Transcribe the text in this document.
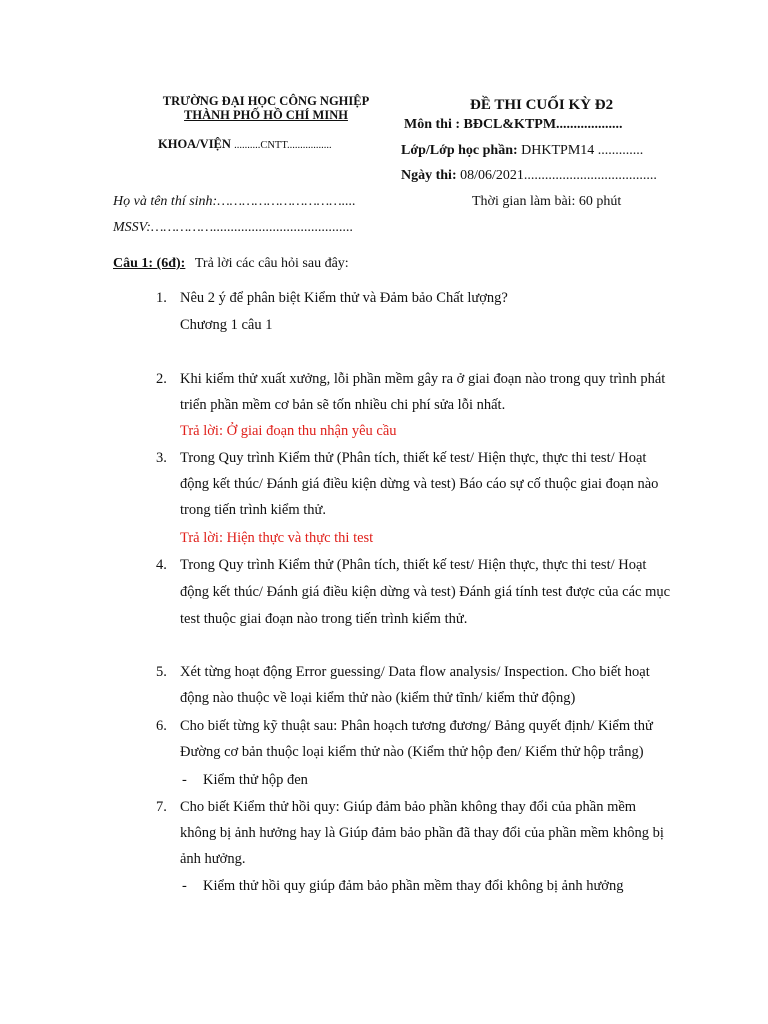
TRƯỜNG ĐẠI HỌC CÔNG NGHIỆP
THÀNH PHỐ HỒ CHÍ MINH
KHOA/VIỆN ..........CNTT.................
ĐỀ THI CUỐI KỲ Đ2
Môn thi : BĐCL&KTPM...................
Lớp/Lớp học phần: DHKTPM14 .............
Ngày thi: 08/06/2021......................................
Thời gian làm bài: 60 phút
Họ và tên thí sinh:…………………………....
MSSV:……………........................................
Câu 1: (6đ): Trả lời các câu hỏi sau đây:
1. Nêu 2 ý để phân biệt Kiểm thử và Đảm bảo Chất lượng?
Chương 1 câu 1
2. Khi kiểm thử xuất xưởng, lỗi phần mềm gây ra ở giai đoạn nào trong quy trình phát
triển phần mềm cơ bản sẽ tốn nhiều chi phí sửa lỗi nhất.
Trả lời: Ở giai đoạn thu nhận yêu cầu
3. Trong Quy trình Kiểm thử (Phân tích, thiết kế test/ Hiện thực, thực thi test/ Hoạt
động kết thúc/ Đánh giá điều kiện dừng và test) Báo cáo sự cố thuộc giai đoạn nào
trong tiến trình kiểm thử.
Trả lời: Hiện thực và thực thi test
4. Trong Quy trình Kiểm thử (Phân tích, thiết kế test/ Hiện thực, thực thi test/ Hoạt
động kết thúc/ Đánh giá điều kiện dừng và test) Đánh giá tính test được của các mục
test thuộc giai đoạn nào trong tiến trình kiểm thử.
5. Xét từng hoạt động Error guessing/ Data flow analysis/ Inspection. Cho biết hoạt
động nào thuộc về loại kiểm thử nào (kiểm thử tĩnh/ kiểm thử động)
6. Cho biết từng kỹ thuật sau: Phân hoạch tương đương/ Bảng quyết định/ Kiểm thử
Đường cơ bản thuộc loại kiểm thử nào (Kiểm thử hộp đen/ Kiểm thử hộp trắng)
- Kiểm thử hộp đen
7. Cho biết Kiểm thử hồi quy: Giúp đảm bảo phần không thay đổi của phần mềm
không bị ảnh hưởng hay là Giúp đảm bảo phần đã thay đổi của phần mềm không bị
ảnh hưởng.
- Kiểm thử hồi quy giúp đảm bảo phần mềm thay đổi không bị ảnh hưởng
